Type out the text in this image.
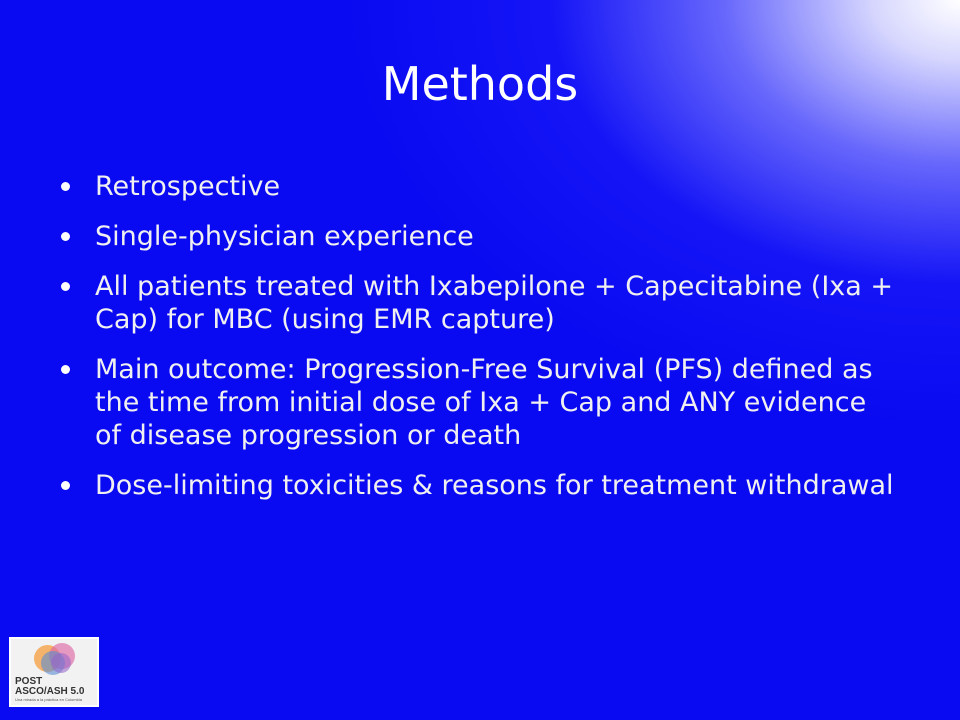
Methods
Retrospective
Single-physician experience
All patients treated with Ixabepilone + Capecitabine (Ixa + Cap) for MBC (using EMR capture)
Main outcome: Progression-Free Survival (PFS) defined as the time from initial dose of Ixa + Cap and ANY evidence of disease progression or death
Dose-limiting toxicities & reasons for treatment withdrawal
POST
ASCO/ASH 5.0
Una mirada a la práctica en Colombia
